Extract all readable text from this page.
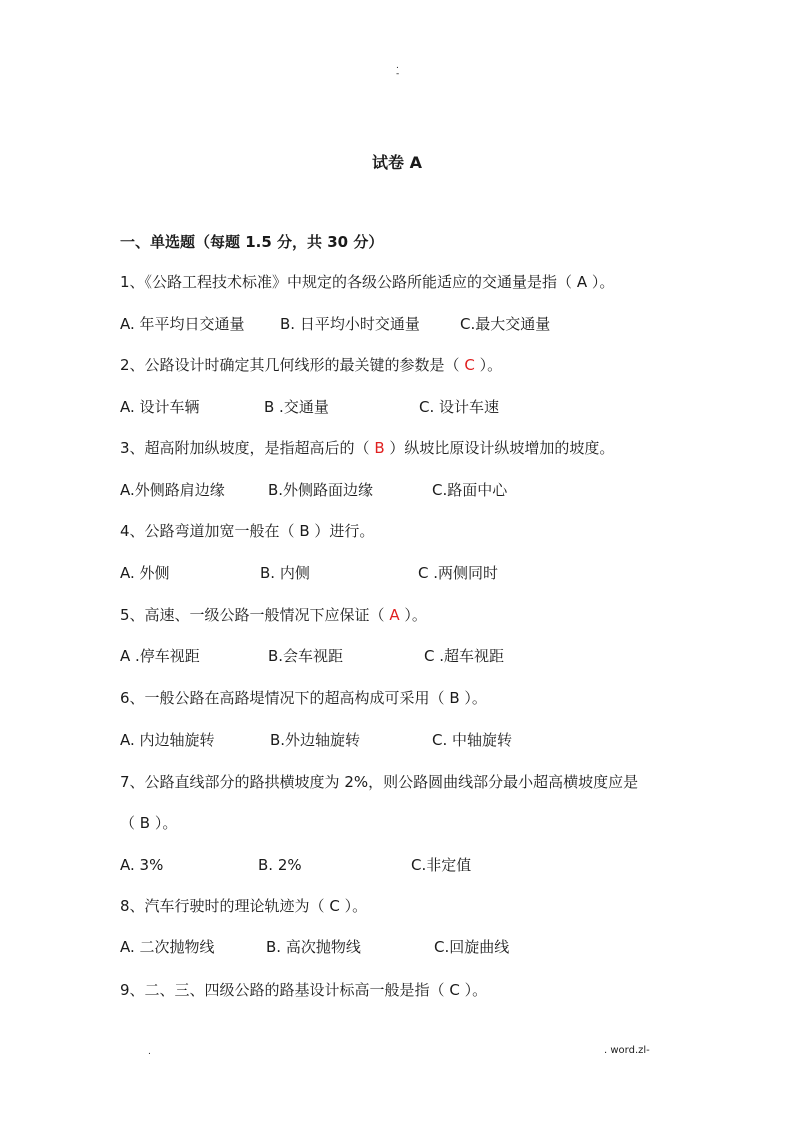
.
-
试卷 A
一、单选题（每题 1.5 分，共 30 分）
1、《公路工程技术标准》中规定的各级公路所能适应的交通量是指（ A ）。
A. 年平均日交通量 B. 日平均小时交通量	C.最大交通量
2、公路设计时确定其几何线形的最关键的参数是（ C ）。
A. 设计车辆	B .交通量	C. 设计车速
3、超高附加纵坡度，是指超高后的（ B ）纵坡比原设计纵坡增加的坡度。
A.外侧路肩边缘	B.外侧路面边缘	C.路面中心
4、公路弯道加宽一般在（ B ）进行。
A. 外侧	B. 内侧	C .两侧同时
5、高速、一级公路一般情况下应保证（ A ）。
A .停车视距	B.会车视距	C .超车视距
6、一般公路在高路堤情况下的超高构成可采用（ B ）。
A. 内边轴旋转	B.外边轴旋转	C. 中轴旋转
7、公路直线部分的路拱横坡度为 2%，则公路圆曲线部分最小超高横坡度应是
（ B ）。
A. 3%	B. 2%	C.非定值
8、汽车行驶时的理论轨迹为（ C ）。
A. 二次抛物线	B. 高次抛物线	C.回旋曲线
9、二、三、四级公路的路基设计标高一般是指（ C ）。
.	. word.zl-
